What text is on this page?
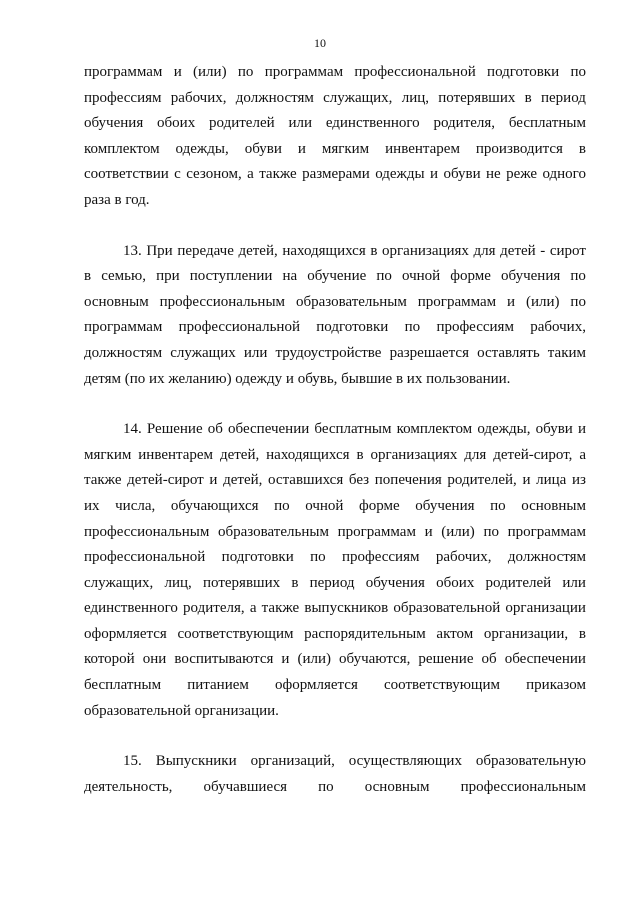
10
программам и (или) по программам профессиональной подготовки по
профессиям рабочих, должностям служащих, лиц, потерявших в период
обучения обоих родителей или единственного родителя, бесплатным
комплектом одежды, обуви и мягким инвентарем производится в
соответствии с сезоном, а также размерами одежды и обуви не реже одного
раза в год.
13. При передаче детей, находящихся в организациях для детей - сирот
в семью, при поступлении на обучение по очной форме обучения по
основным профессиональным образовательным программам и (или) по
программам профессиональной подготовки по профессиям рабочих,
должностям служащих или трудоустройстве разрешается оставлять таким
детям (по их желанию) одежду и обувь, бывшие в их пользовании.
14. Решение об обеспечении бесплатным комплектом одежды, обуви и
мягким инвентарем детей, находящихся в организациях для детей-сирот, а
также детей-сирот и детей, оставшихся без попечения родителей, и лица из
их числа, обучающихся по очной форме обучения по основным
профессиональным образовательным программам и (или) по программам
профессиональной подготовки по профессиям рабочих, должностям
служащих, лиц, потерявших в период обучения обоих родителей или
единственного родителя, а также выпускников образовательной организации
оформляется соответствующим распорядительным актом организации, в
которой они воспитываются и (или) обучаются, решение об обеспечении
бесплатным питанием оформляется соответствующим приказом
образовательной организации.
15. Выпускники организаций, осуществляющих образовательную
деятельность, обучавшиеся по основным профессиональным
